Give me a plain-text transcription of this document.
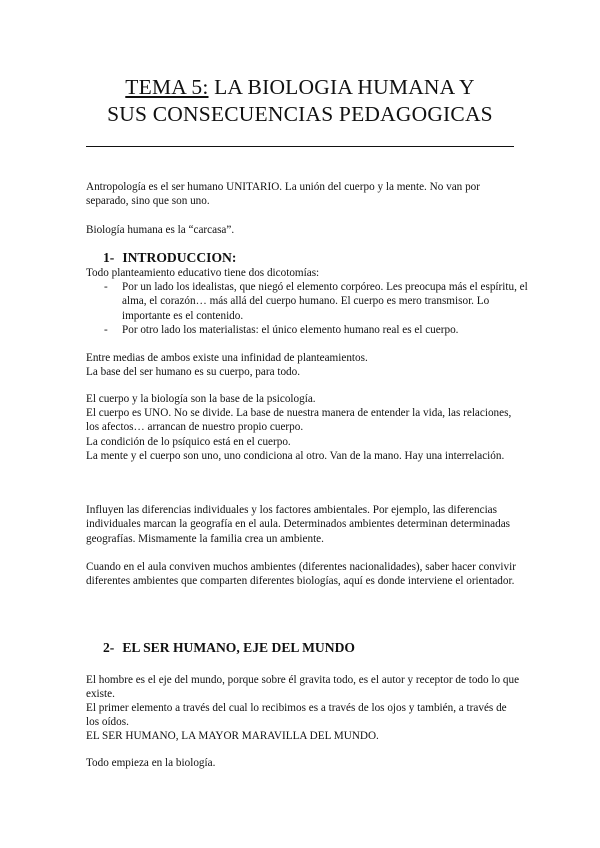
TEMA 5: LA BIOLOGIA HUMANA Y
SUS CONSECUENCIAS PEDAGOGICAS

Antropología es el ser humano UNITARIO. La unión del cuerpo y la mente. No van por separado, sino que son uno.

Biología humana es la “carcasa”.

1- INTRODUCCION:

Todo planteamiento educativo tiene dos dicotomías:

- Por un lado los idealistas, que niegó el elemento corpóreo. Les preocupa más el espíritu, el alma, el corazón… más allá del cuerpo humano. El cuerpo es mero transmisor. Lo importante es el contenido.
- Por otro lado los materialistas: el único elemento humano real es el cuerpo.

Entre medias de ambos existe una infinidad de planteamientos.

La base del ser humano es su cuerpo, para todo.

El cuerpo y la biología son la base de la psicología.

El cuerpo es UNO. No se divide. La base de nuestra manera de entender la vida, las relaciones, los afectos… arrancan de nuestro propio cuerpo.

La condición de lo psíquico está en el cuerpo.

La mente y el cuerpo son uno, uno condiciona al otro. Van de la mano. Hay una interrelación.

Influyen las diferencias individuales y los factores ambientales. Por ejemplo, las diferencias individuales marcan la geografía en el aula. Determinados ambientes determinan determinadas geografías. Mismamente la familia crea un ambiente.

Cuando en el aula conviven muchos ambientes (diferentes nacionalidades), saber hacer convivir diferentes ambientes que comparten diferentes biologías, aquí es donde interviene el orientador.

2- EL SER HUMANO, EJE DEL MUNDO

El hombre es el eje del mundo, porque sobre él gravita todo, es el autor y receptor de todo lo que existe.

El primer elemento a través del cual lo recibimos es a través de los ojos y también, a través de los oídos.

EL SER HUMANO, LA MAYOR MARAVILLA DEL MUNDO.

Todo empieza en la biología.
